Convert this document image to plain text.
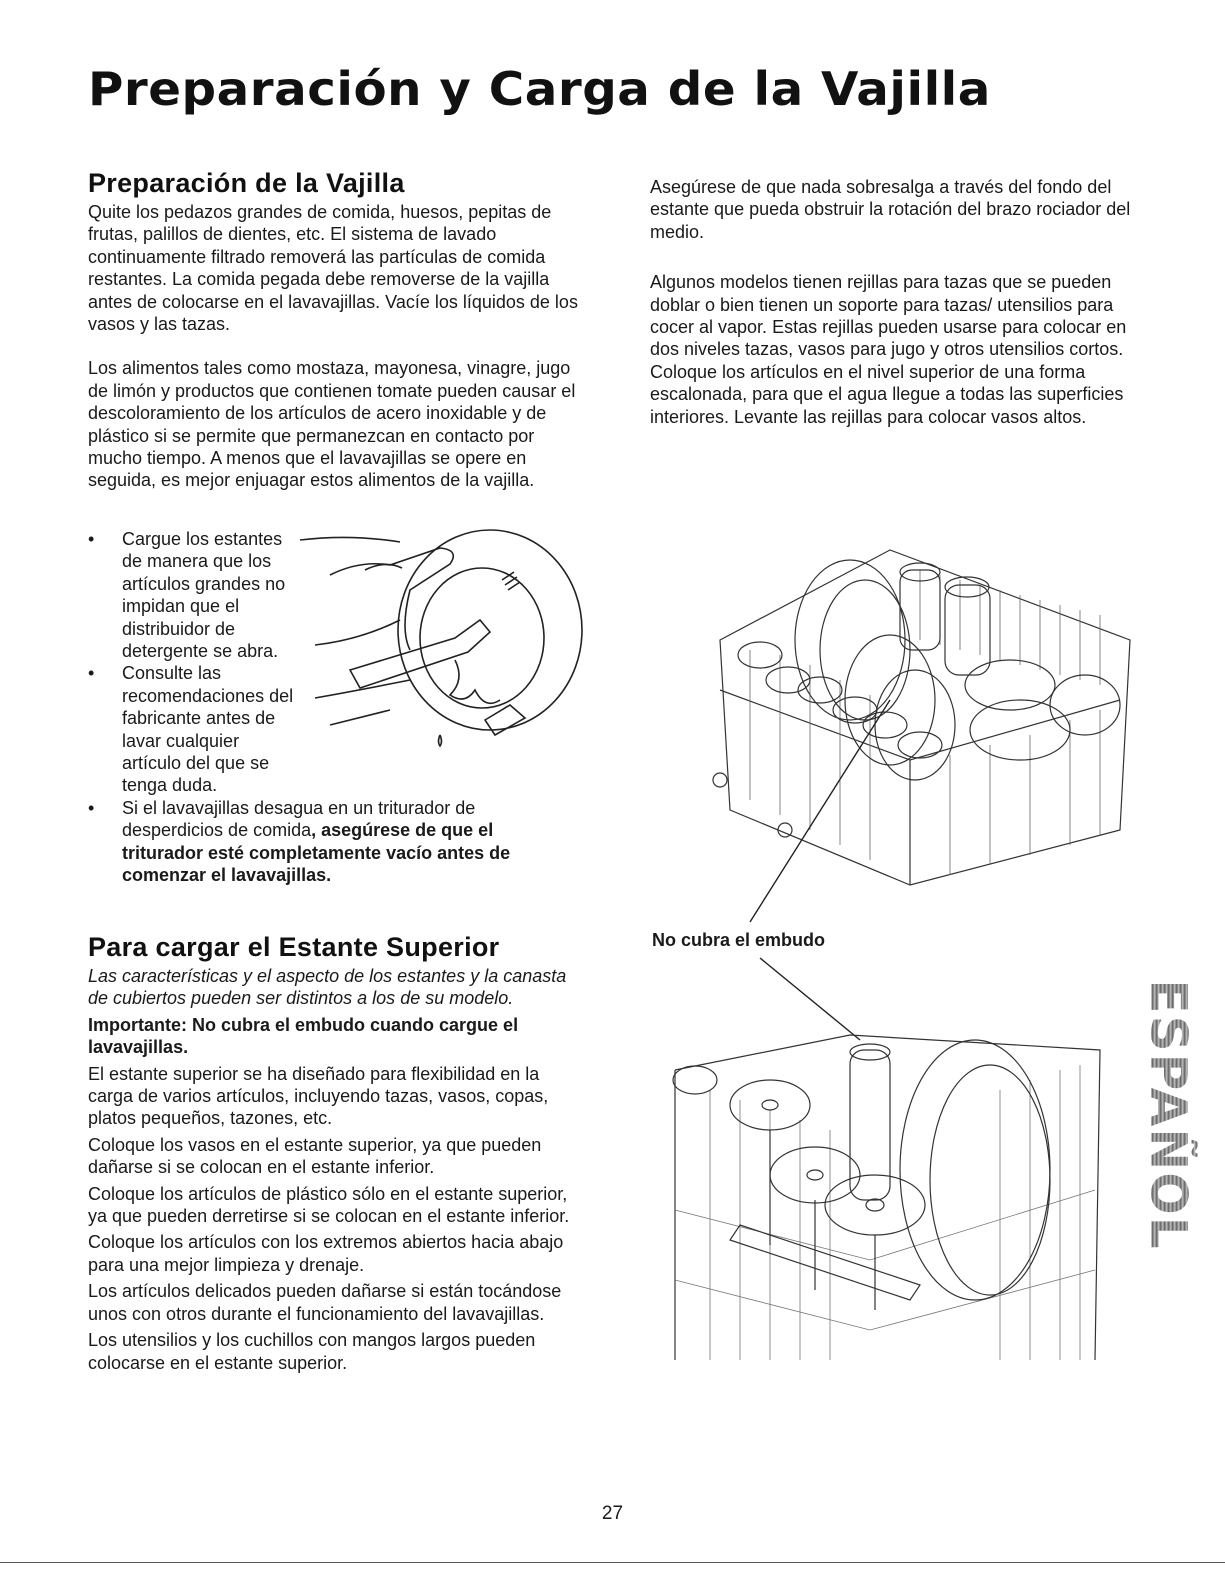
Preparación y Carga de la Vajilla
Preparación de la Vajilla

Quite los pedazos grandes de comida, huesos, pepitas de frutas, palillos de dientes, etc. El sistema de lavado continuamente filtrado removerá las partículas de comida restantes. La comida pegada debe removerse de la vajilla antes de colocarse en el lavavajillas. Vacíe los líquidos de los vasos y las tazas.

Los alimentos tales como mostaza, mayonesa, vinagre, jugo de limón y productos que contienen tomate pueden causar el descoloramiento de los artículos de acero inoxidable y de plástico si se permite que permanezcan en contacto por mucho tiempo. A menos que el lavavajillas se opere en seguida, es mejor enjuagar estos alimentos de la vajilla.

• Cargue los estantes de manera que los artículos grandes no impidan que el distribuidor de detergente se abra.
• Consulte las recomendaciones del fabricante antes de lavar cualquier artículo del que se tenga duda.
• Si el lavavajillas desagua en un triturador de desperdicios de comida, asegúrese de que el triturador esté completamente vacío antes de comenzar el lavavajillas.
Para cargar el Estante Superior

Las características y el aspecto de los estantes y la canasta de cubiertos pueden ser distintos a los de su modelo.

Importante: No cubra el embudo cuando cargue el lavavajillas.

El estante superior se ha diseñado para flexibilidad en la carga de varios artículos, incluyendo tazas, vasos, copas, platos pequeños, tazones, etc.

Coloque los vasos en el estante superior, ya que pueden dañarse si se colocan en el estante inferior.

Coloque los artículos de plástico sólo en el estante superior, ya que pueden derretirse si se colocan en el estante inferior.

Coloque los artículos con los extremos abiertos hacia abajo para una mejor limpieza y drenaje.

Los artículos delicados pueden dañarse si están tocándose unos con otros durante el funcionamiento del lavavajillas.

Los utensilios y los cuchillos con mangos largos pueden colocarse en el estante superior.

Asegúrese de que nada sobresalga a través del fondo del estante que pueda obstruir la rotación del brazo rociador del medio.

Algunos modelos tienen rejillas para tazas que se pueden doblar o bien tienen un soporte para tazas/ utensilios para cocer al vapor. Estas rejillas pueden usarse para colocar en dos niveles tazas, vasos para jugo y otros utensilios cortos. Coloque los artículos en el nivel superior de una forma escalonada, para que el agua llegue a todas las superficies interiores. Levante las rejillas para colocar vasos altos.

No cubra el embudo
ESPAÑOL
27
